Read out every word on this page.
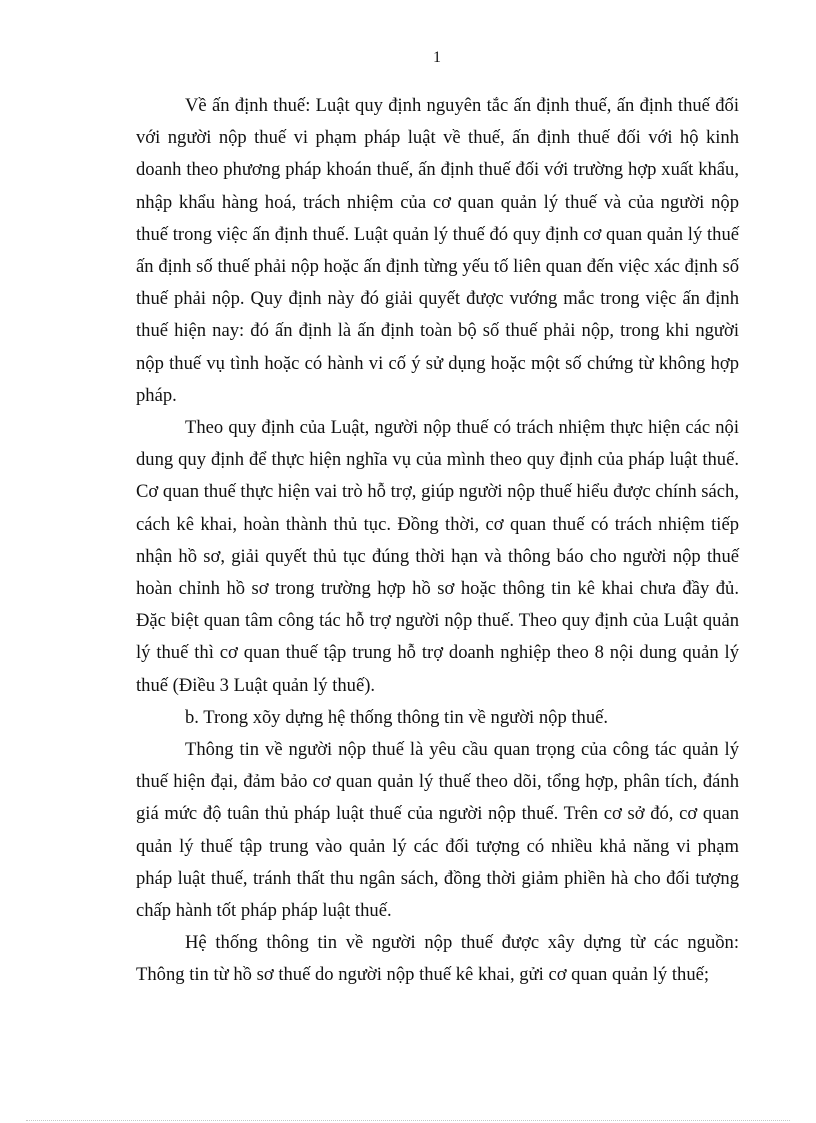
1

Về ấn định thuế: Luật quy định nguyên tắc ấn định thuế, ấn định thuế đối với người nộp thuế vi phạm pháp luật về thuế, ấn định thuế đối với hộ kinh doanh theo phương pháp khoán thuế, ấn định thuế đối với trường hợp xuất khẩu, nhập khẩu hàng hoá, trách nhiệm của cơ quan quản lý thuế và của người nộp thuế trong việc ấn định thuế. Luật quản lý thuế đó quy định cơ quan quản lý thuế ấn định số thuế phải nộp hoặc ấn định từng yếu tố liên quan đến việc xác định số thuế phải nộp. Quy định này đó giải quyết được vướng mắc trong việc ấn định thuế hiện nay: đó ấn định là ấn định toàn bộ số thuế phải nộp, trong khi người nộp thuế vụ tình hoặc có hành vi cố ý sử dụng hoặc một số chứng từ không hợp pháp.

Theo quy định của Luật, người nộp thuế có trách nhiệm thực hiện các nội dung quy định để thực hiện nghĩa vụ của mình theo quy định của pháp luật thuế. Cơ quan thuế thực hiện vai trò hỗ trợ, giúp người nộp thuế hiểu được chính sách, cách kê khai, hoàn thành thủ tục. Đồng thời, cơ quan thuế có trách nhiệm tiếp nhận hồ sơ, giải quyết thủ tục đúng thời hạn và thông báo cho người nộp thuế hoàn chỉnh hồ sơ trong trường hợp hồ sơ hoặc thông tin kê khai chưa đầy đủ. Đặc biệt quan tâm công tác hỗ trợ người nộp thuế. Theo quy định của Luật quản lý thuế thì cơ quan thuế tập trung hỗ trợ doanh nghiệp theo 8 nội dung quản lý thuế (Điều 3 Luật quản lý thuế).

b. Trong xõy dựng hệ thống thông tin về người nộp thuế.

Thông tin về người nộp thuế là yêu cầu quan trọng của công tác quản lý thuế hiện đại, đảm bảo cơ quan quản lý thuế theo dõi, tổng hợp, phân tích, đánh giá mức độ tuân thủ pháp luật thuế của người nộp thuế. Trên cơ sở đó, cơ quan quản lý thuế tập trung vào quản lý các đối tượng có nhiều khả năng vi phạm pháp luật thuế, tránh thất thu ngân sách, đồng thời giảm phiền hà cho đối tượng chấp hành tốt pháp pháp luật thuế.

Hệ thống thông tin về người nộp thuế được xây dựng từ các nguồn: Thông tin từ hồ sơ thuế do người nộp thuế kê khai, gửi cơ quan quản lý thuế;
